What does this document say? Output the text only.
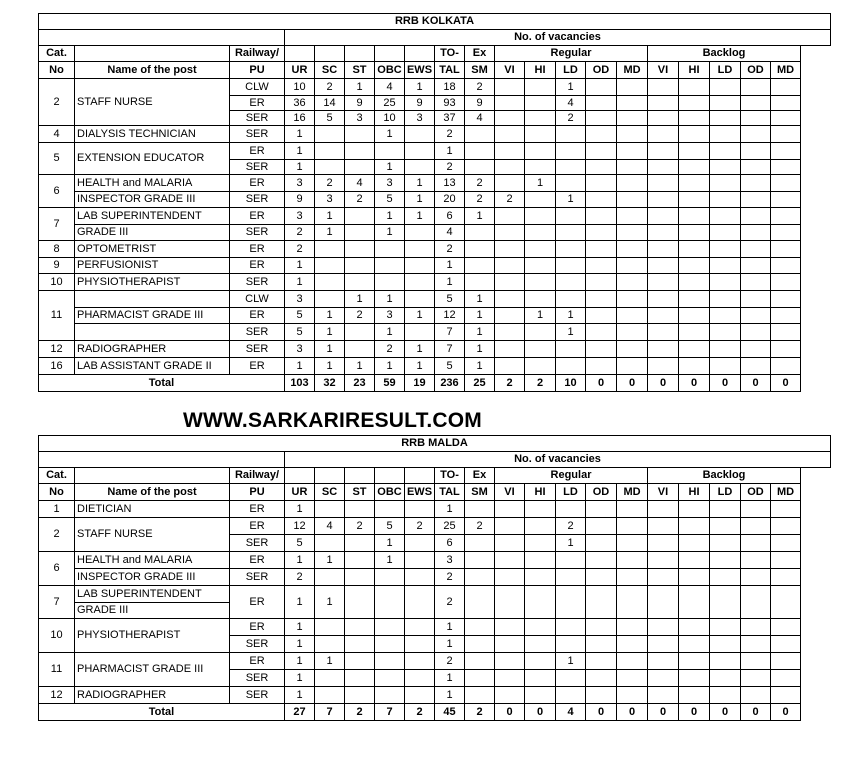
WWW.SARKARIRESULT.COM
RRB KOLKATA																			
			No. of vacancies																
Cat.		Railway/						TO-	Ex	Regular					Backlog				
No	Name of the post	PU	UR	SC	ST	OBC	EWS	TAL	SM	VI	HI	LD	OD	MD	VI	HI	LD	OD	MD
2	STAFF NURSE	CLW	10	2	1	4	1	18	2			1							
		ER	36	14	9	25	9	93	9			4							
		SER	16	5	3	10	3	37	4			2							
4	DIALYSIS TECHNICIAN	SER	1			1		2											
5	EXTENSION EDUCATOR	ER	1					1											
		SER	1			1		2											
6	HEALTH and MALARIA	ER	3	2	4	3	1	13	2		1								
	INSPECTOR GRADE III	SER	9	3	2	5	1	20	2	2		1							
7	LAB SUPERINTENDENT	ER	3	1		1	1	6	1										
	GRADE III	SER	2	1		1		4											
8	OPTOMETRIST	ER	2					2											
9	PERFUSIONIST	ER	1					1											
10	PHYSIOTHERAPIST	SER	1					1											
11		CLW	3		1	1		5	1										
	PHARMACIST GRADE III	ER	5	1	2	3	1	12	1		1	1							
		SER	5	1		1		7	1			1							
12	RADIOGRAPHER	SER	3	1		2	1	7	1										
16	LAB ASSISTANT GRADE II	ER	1	1	1	1	1	5	1										
Total			103	32	23	59	19	236	25	2	2	10	0	0	0	0	0	0	0
RRB MALDA																			
			No. of vacancies																
Cat.		Railway/						TO-	Ex	Regular					Backlog				
No	Name of the post	PU	UR	SC	ST	OBC	EWS	TAL	SM	VI	HI	LD	OD	MD	VI	HI	LD	OD	MD
1	DIETICIAN	ER	1					1											
2	STAFF NURSE	ER	12	4	2	5	2	25	2			2							
		SER	5			1		6				1							
6	HEALTH and MALARIA	ER	1	1		1		3											
	INSPECTOR GRADE III	SER	2					2											
7	LAB SUPERINTENDENT	ER	1	1				2											
	GRADE III																		
10	PHYSIOTHERAPIST	ER	1					1											
		SER	1					1											
11	PHARMACIST GRADE III	ER	1	1				2				1							
		SER	1					1											
12	RADIOGRAPHER	SER	1					1											
Total			27	7	2	7	2	45	2	0	0	4	0	0	0	0	0	0	0
